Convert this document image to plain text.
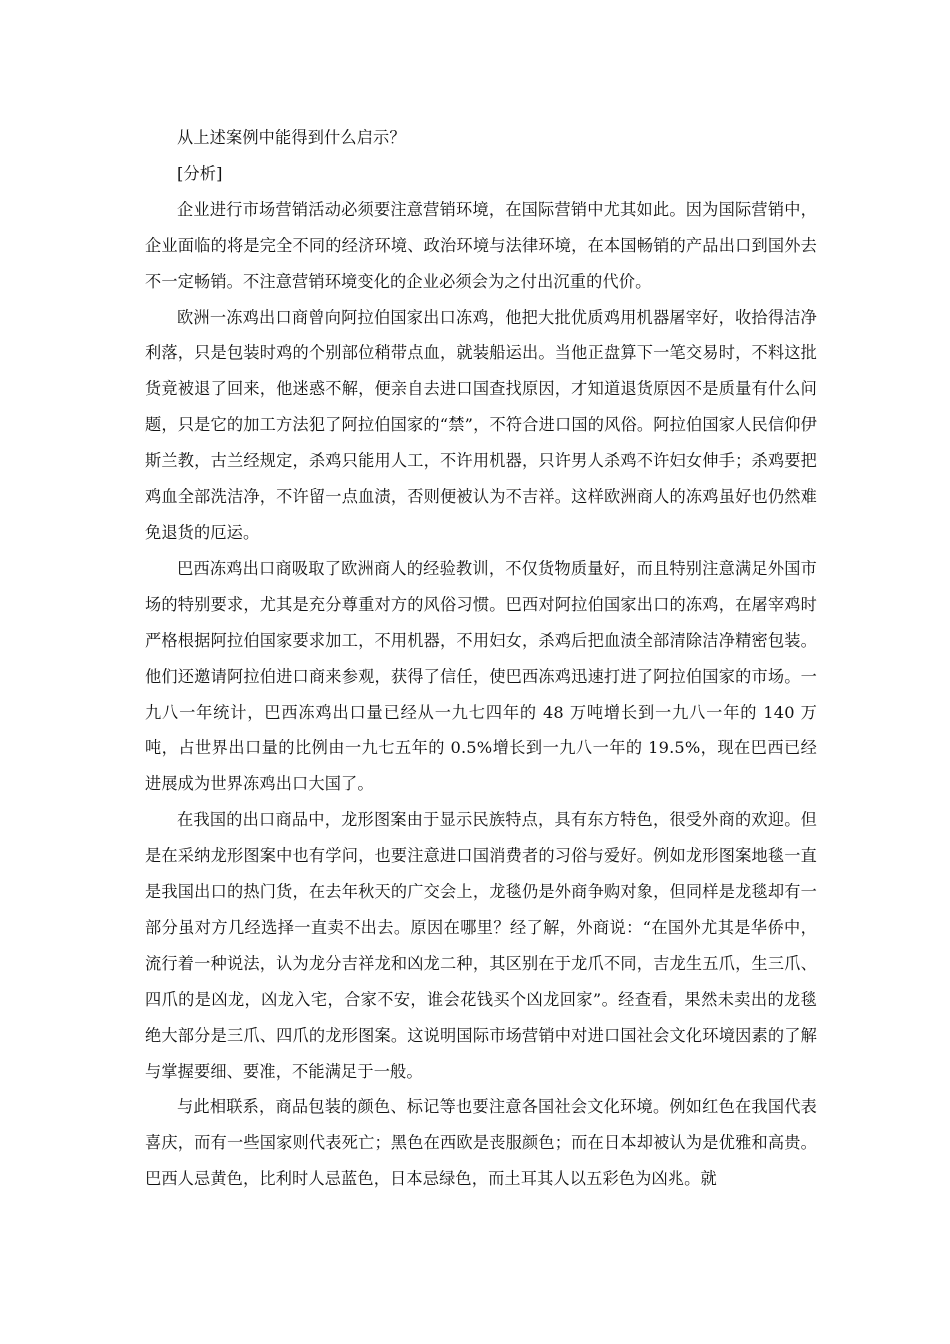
从上述案例中能得到什么启示？

[分析]

企业进行市场营销活动必须要注意营销环境，在国际营销中尤其如此。因为国际营销中，企业面临的将是完全不同的经济环境、政治环境与法律环境，在本国畅销的产品出口到国外去不一定畅销。不注意营销环境变化的企业必须会为之付出沉重的代价。

欧洲一冻鸡出口商曾向阿拉伯国家出口冻鸡，他把大批优质鸡用机器屠宰好，收拾得洁净利落，只是包装时鸡的个别部位稍带点血，就装船运出。当他正盘算下一笔交易时，不料这批货竟被退了回来，他迷惑不解，便亲自去进口国查找原因，才知道退货原因不是质量有什么问题，只是它的加工方法犯了阿拉伯国家的“禁”，不符合进口国的风俗。阿拉伯国家人民信仰伊斯兰教，古兰经规定，杀鸡只能用人工，不许用机器，只许男人杀鸡不许妇女伸手；杀鸡要把鸡血全部洗洁净，不许留一点血渍，否则便被认为不吉祥。这样欧洲商人的冻鸡虽好也仍然难免退货的厄运。

巴西冻鸡出口商吸取了欧洲商人的经验教训，不仅货物质量好，而且特别注意满足外国市场的特别要求，尤其是充分尊重对方的风俗习惯。巴西对阿拉伯国家出口的冻鸡，在屠宰鸡时严格根据阿拉伯国家要求加工，不用机器，不用妇女，杀鸡后把血渍全部清除洁净精密包装。他们还邀请阿拉伯进口商来参观，获得了信任，使巴西冻鸡迅速打进了阿拉伯国家的市场。一九八一年统计，巴西冻鸡出口量已经从一九七四年的 48 万吨增长到一九八一年的 140 万吨，占世界出口量的比例由一九七五年的 0.5%增长到一九八一年的 19.5%，现在巴西已经进展成为世界冻鸡出口大国了。

在我国的出口商品中，龙形图案由于显示民族特点，具有东方特色，很受外商的欢迎。但是在采纳龙形图案中也有学问，也要注意进口国消费者的习俗与爱好。例如龙形图案地毯一直是我国出口的热门货，在去年秋天的广交会上，龙毯仍是外商争购对象，但同样是龙毯却有一部分虽对方几经选择一直卖不出去。原因在哪里？经了解，外商说：“在国外尤其是华侨中，流行着一种说法，认为龙分吉祥龙和凶龙二种，其区别在于龙爪不同，吉龙生五爪，生三爪、四爪的是凶龙，凶龙入宅，合家不安，谁会花钱买个凶龙回家”。经查看，果然未卖出的龙毯绝大部分是三爪、四爪的龙形图案。这说明国际市场营销中对进口国社会文化环境因素的了解与掌握要细、要准，不能满足于一般。

与此相联系，商品包装的颜色、标记等也要注意各国社会文化环境。例如红色在我国代表喜庆，而有一些国家则代表死亡；黑色在西欧是丧服颜色；而在日本却被认为是优雅和高贵。巴西人忌黄色，比利时人忌蓝色，日本忌绿色，而土耳其人以五彩色为凶兆。就
